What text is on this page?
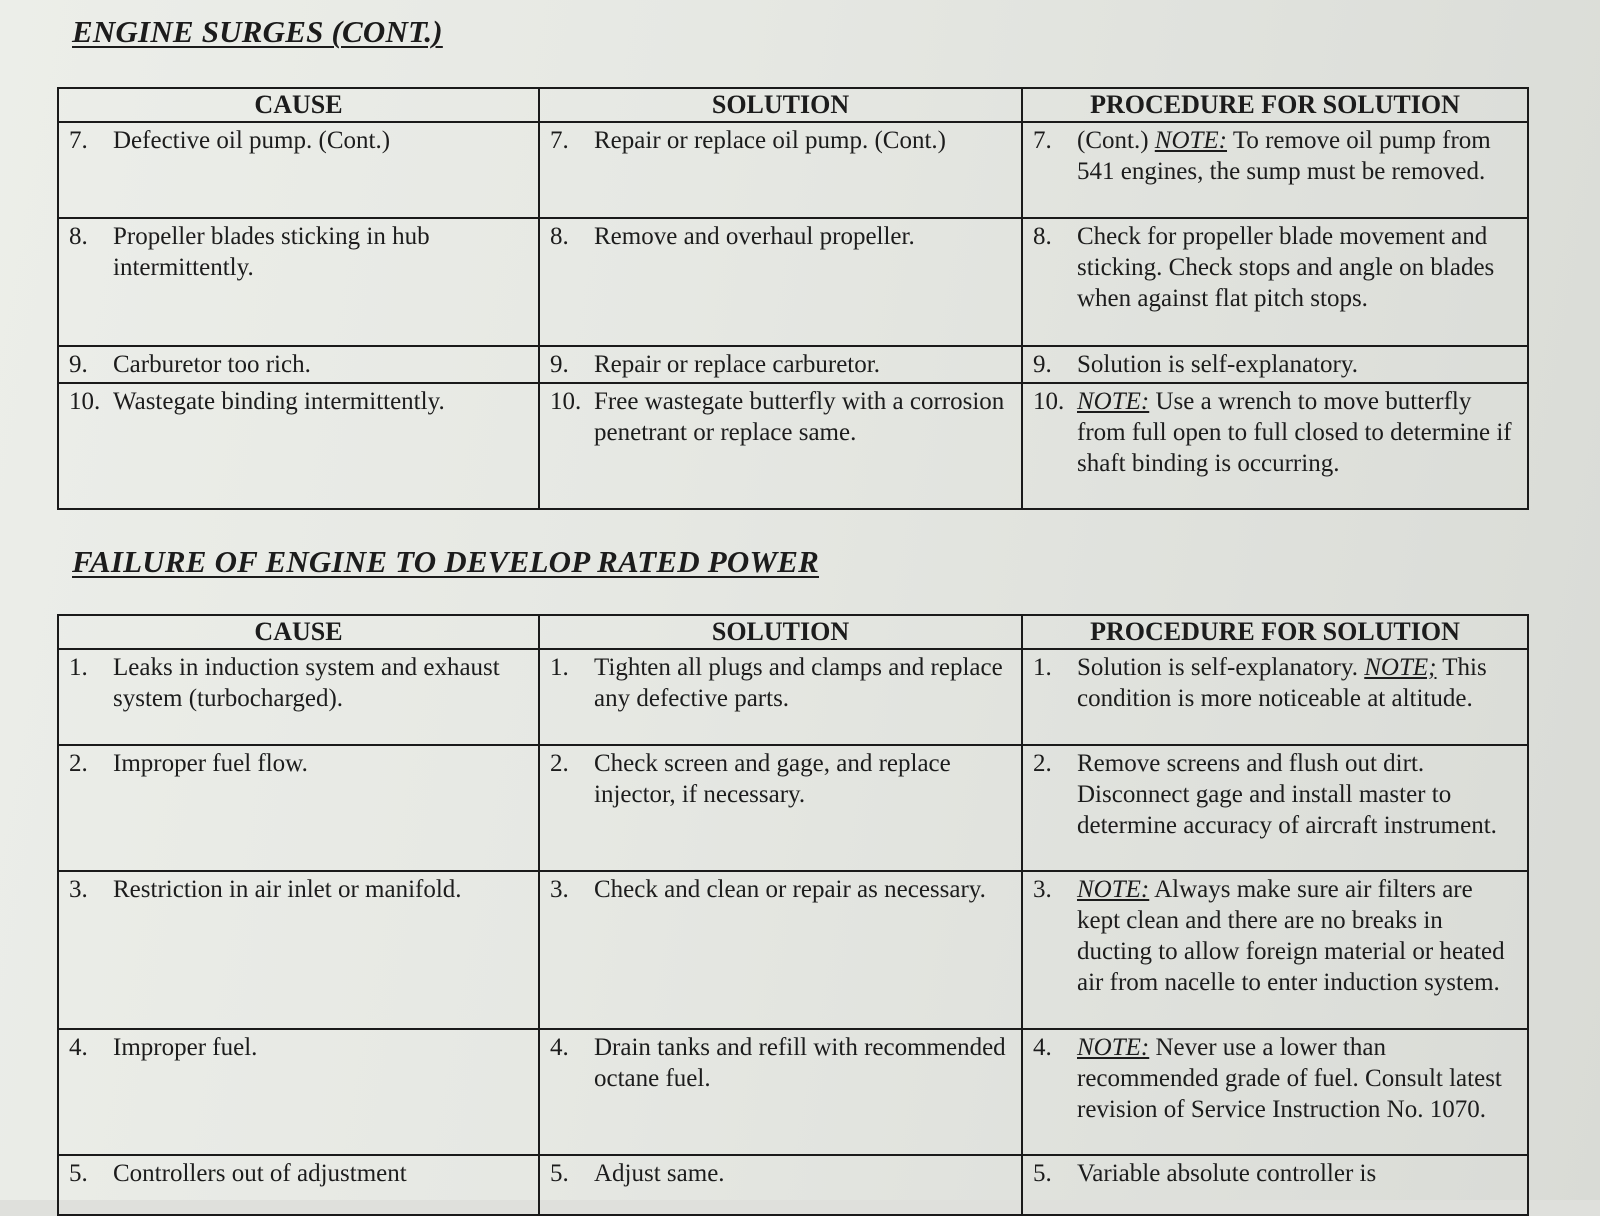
ENGINE SURGES (CONT.)
CAUSE	SOLUTION	PROCEDURE FOR SOLUTION

7. Defective oil pump. (Cont.)	7. Repair or replace oil pump. (Cont.)	7. (Cont.) NOTE: To remove oil pump from 541 engines, the sump must be removed.

8. Propeller blades sticking in hub intermittently.	8. Remove and overhaul propeller.	8. Check for propeller blade movement and sticking. Check stops and angle on blades when against flat pitch stops.

9. Carburetor too rich.	9. Repair or replace carburetor.	9. Solution is self-explanatory.

10. Wastegate binding intermittently.	10. Free wastegate butterfly with a corrosion penetrant or replace same.	10. NOTE: Use a wrench to move butterfly from full open to full closed to determine if shaft binding is occurring.
FAILURE OF ENGINE TO DEVELOP RATED POWER
CAUSE	SOLUTION	PROCEDURE FOR SOLUTION

1. Leaks in induction system and exhaust system (turbocharged).	1. Tighten all plugs and clamps and replace any defective parts.	1. Solution is self-explanatory. NOTE; This condition is more noticeable at altitude.

2. Improper fuel flow.	2. Check screen and gage, and replace injector, if necessary.	2. Remove screens and flush out dirt. Disconnect gage and install master to determine accuracy of aircraft instrument.

3. Restriction in air inlet or manifold.	3. Check and clean or repair as necessary.	3. NOTE: Always make sure air filters are kept clean and there are no breaks in ducting to allow foreign material or heated air from nacelle to enter induction system.

4. Improper fuel.	4. Drain tanks and refill with recommended octane fuel.	4. NOTE: Never use a lower than recommended grade of fuel. Consult latest revision of Service Instruction No. 1070.

5. Controllers out of adjustment	5. Adjust same.	5. Variable absolute controller is
